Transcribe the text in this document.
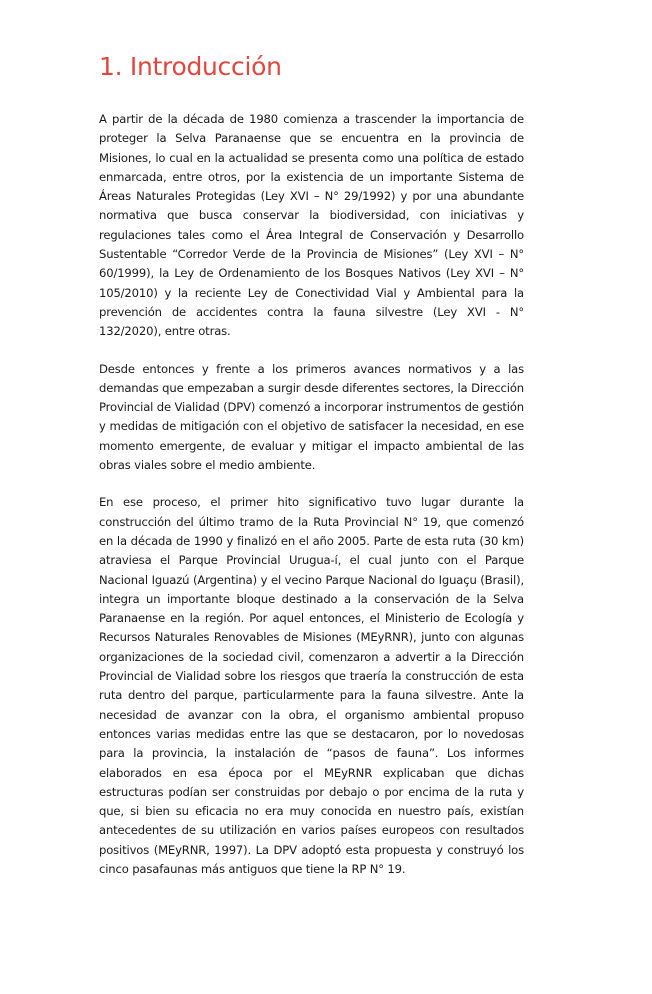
1. Introducción

A partir de la década de 1980 comienza a trascender la importancia de proteger la Selva Paranaense que se encuentra en la provincia de Misiones, lo cual en la actualidad se presenta como una política de estado enmarcada, entre otros, por la existencia de un importante Sistema de Áreas Naturales Protegidas (Ley XVI – N° 29/1992) y por una abundante normativa que busca conservar la biodiversidad, con iniciativas y regulaciones tales como el Área Integral de Conservación y Desarrollo Sustentable “Corredor Verde de la Provincia de Misiones” (Ley XVI – N° 60/1999), la Ley de Ordenamiento de los Bosques Nativos (Ley XVI – N° 105/2010) y la reciente Ley de Conectividad Vial y Ambiental para la prevención de accidentes contra la fauna silvestre (Ley XVI - N° 132/2020), entre otras.

Desde entonces y frente a los primeros avances normativos y a las demandas que empezaban a surgir desde diferentes sectores, la Dirección Provincial de Vialidad (DPV) comenzó a incorporar instrumentos de gestión y medidas de mitigación con el objetivo de satisfacer la necesidad, en ese momento emergente, de evaluar y mitigar el impacto ambiental de las obras viales sobre el medio ambiente.

En ese proceso, el primer hito significativo tuvo lugar durante la construcción del último tramo de la Ruta Provincial N° 19, que comenzó en la década de 1990 y finalizó en el año 2005. Parte de esta ruta (30 km) atraviesa el Parque Provincial Urugua-í, el cual junto con el Parque Nacional Iguazú (Argentina) y el vecino Parque Nacional do Iguaçu (Brasil), integra un importante bloque destinado a la conservación de la Selva Paranaense en la región. Por aquel entonces, el Ministerio de Ecología y Recursos Naturales Renovables de Misiones (MEyRNR), junto con algunas organizaciones de la sociedad civil, comenzaron a advertir a la Dirección Provincial de Vialidad sobre los riesgos que traería la construcción de esta ruta dentro del parque, particularmente para la fauna silvestre. Ante la necesidad de avanzar con la obra, el organismo ambiental propuso entonces varias medidas entre las que se destacaron, por lo novedosas para la provincia, la instalación de “pasos de fauna”. Los informes elaborados en esa época por el MEyRNR explicaban que dichas estructuras podían ser construidas por debajo o por encima de la ruta y que, si bien su eficacia no era muy conocida en nuestro país, existían antecedentes de su utilización en varios países europeos con resultados positivos (MEyRNR, 1997). La DPV adoptó esta propuesta y construyó los cinco pasafaunas más antiguos que tiene la RP N° 19.
